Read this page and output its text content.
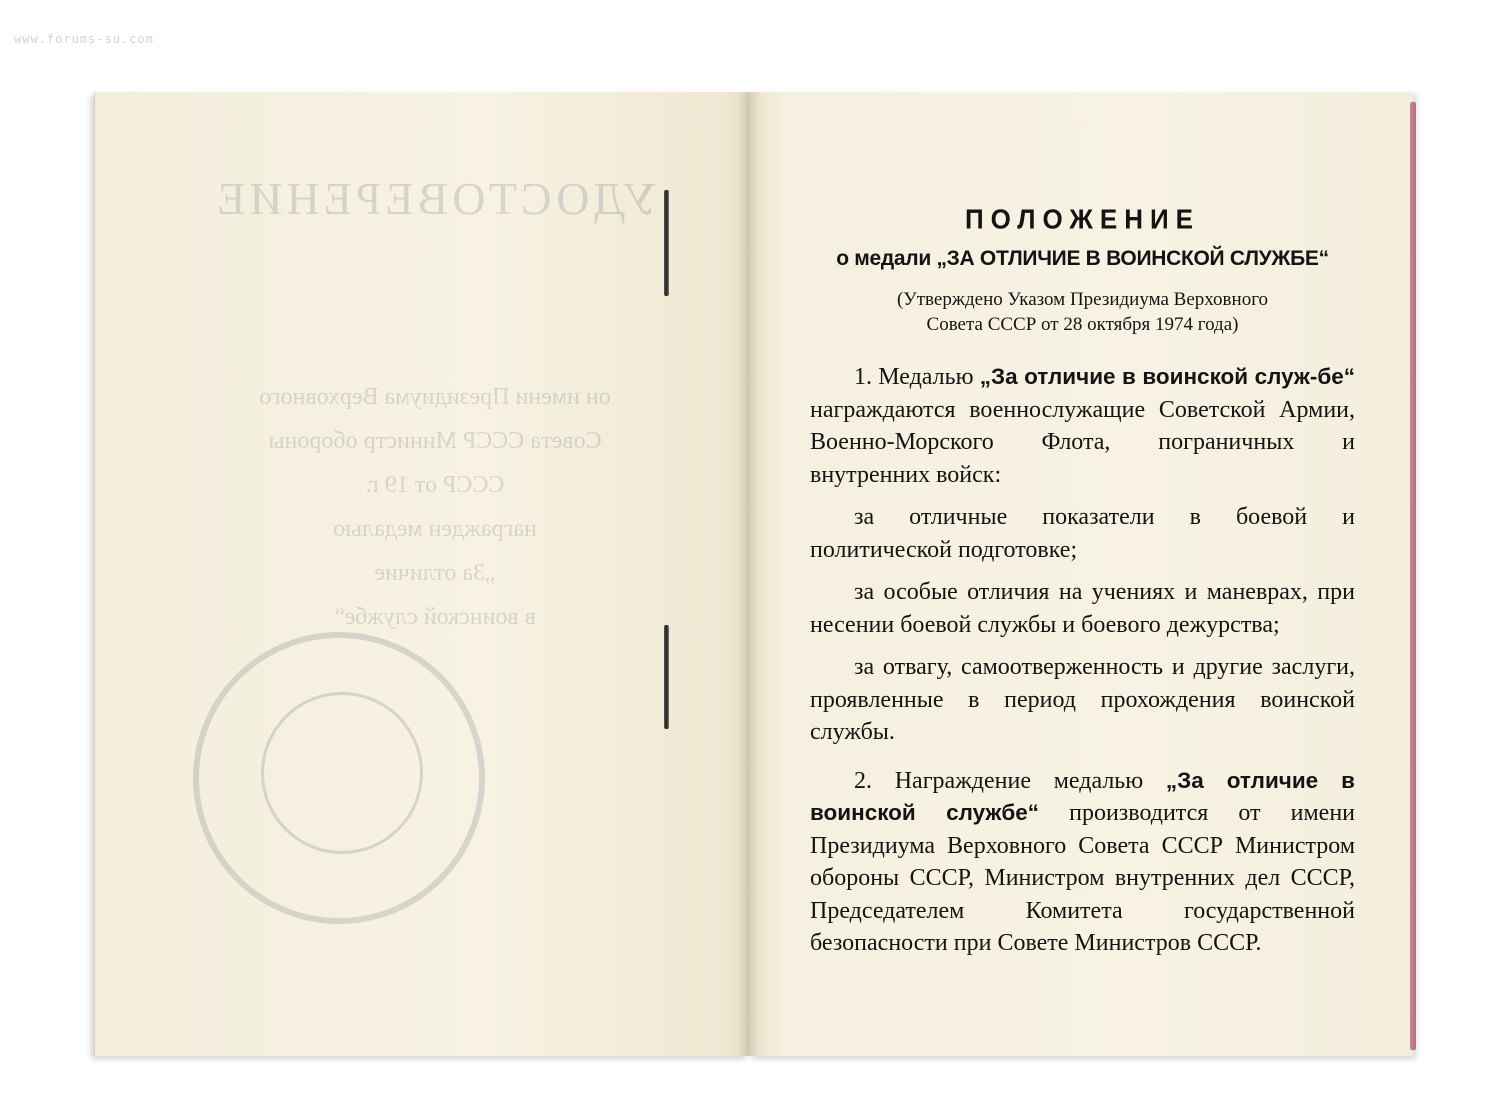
www.forums-su.com
УДОСТОВЕРЕНИЕ
он имени Президиума Верховного
Совета СССР Министр обороны
СССР от 19 г.
награжден медалью
„За отличие
в воинской службе“
ПОЛОЖЕНИЕ
о медали „ЗА ОТЛИЧИЕ В ВОИНСКОЙ СЛУЖБЕ“
(Утверждено Указом Президиума Верховного
Совета СССР от 28 октября 1974 года)

1. Медалью „За отличие в воинской служ-бе“ награждаются военнослужащие Советской Армии, Военно-Морского Флота, пограничных и внутренних войск:

за отличные показатели в боевой и политической подготовке;

за особые отличия на учениях и маневрах, при несении боевой службы и боевого дежурства;

за отвагу, самоотверженность и другие заслуги, проявленные в период прохождения воинской службы.

2. Награждение медалью „За отличие в воинской службе“ производится от имени Президиума Верховного Совета СССР Министром обороны СССР, Министром внутренних дел СССР, Председателем Комитета государственной безопасности при Совете Министров СССР.
